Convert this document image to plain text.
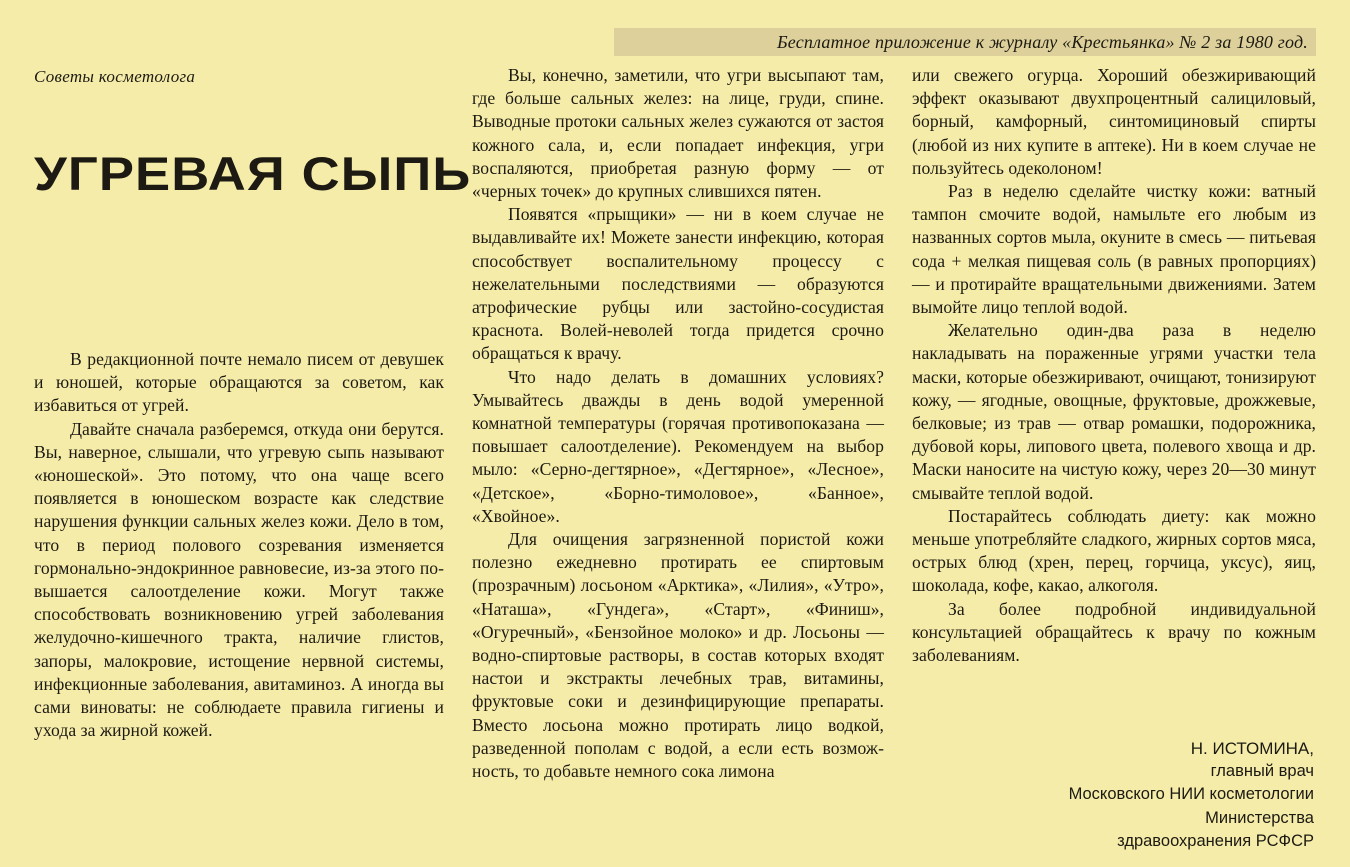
Бесплатное приложение к журналу «Крестьянка» № 2 за 1980 год.
Советы косметолога
УГРЕВАЯ СЫПЬ

В редакционной почте немало писем от девушек и юношей, которые обращаются за советом, как избавиться от угрей.

Давайте сначала разберемся, откуда они берутся. Вы, наверное, слышали, что угревую сыпь называют «юношеской». Это потому, что она чаще всего появляется в юношеском возрасте как следствие нарушения функции сальных желез кожи. Дело в том, что в период полового созревания изменяется гормонально-эндокринное равновесие, из-за этого повышается салоотделение кожи. Могут также способствовать возникновению угрей заболевания желудочно-кишечного тракта, наличие глистов, запоры, малокровие, истощение нервной системы, инфекционные заболевания, авитаминоз. А иногда вы сами виноваты: не соблюдаете правила гигиены и ухода за жирной кожей.

Вы, конечно, заметили, что угри высыпают там, где больше сальных желез: на лице, груди, спине. Выводные протоки сальных желез сужаются от застоя кожного сала, и, если попадает инфекция, угри воспаляются, приобретая разную форму — от «черных точек» до крупных слившихся пятен.

Появятся «прыщики» — ни в коем случае не выдавливайте их! Можете занести инфекцию, которая способствует воспалительному процессу с нежелательными последствиями — образуются атрофические рубцы или застойно-сосудистая краснота. Волей-неволей тогда придется срочно обращаться к врачу.

Что надо делать в домашних условиях? Умывайтесь дважды в день водой умеренной комнатной температуры (горячая противопоказана — повышает салоотделение). Рекомендуем на выбор мыло: «Серно-дегтярное», «Дегтярное», «Лесное», «Детское», «Борно-тимоловое», «Банное», «Хвойное».

Для очищения загрязненной пористой кожи полезно ежедневно протирать ее спиртовым (прозрачным) лосьоном «Арктика», «Лилия», «Утро», «Наташа», «Гундега», «Старт», «Финиш», «Огуречный», «Бензойное молоко» и др. Лосьоны — водно-спиртовые растворы, в состав которых входят настои и экстракты лечебных трав, витамины, фруктовые соки и дезинфицирующие препараты. Вместо лосьона можно протирать лицо водкой, разведенной пополам с водой, а если есть возможность, то добавьте немного сока лимона

или свежего огурца. Хороший обезжиривающий эффект оказывают двухпроцентный салициловый, борный, камфорный, синтомициновый спирты (любой из них купите в аптеке). Ни в коем случае не пользуйтесь одеколоном!

Раз в неделю сделайте чистку кожи: ватный тампон смочите водой, намыльте его любым из названных сортов мыла, окуните в смесь — питьевая сода + мелкая пищевая соль (в равных пропорциях) — и протирайте вращательными движениями. Затем вымойте лицо теплой водой.

Желательно один-два раза в неделю накладывать на пораженные угрями участки тела маски, которые обезжиривают, очищают, тонизируют кожу, — ягодные, овощные, фруктовые, дрожжевые, белковые; из трав — отвар ромашки, подорожника, дубовой коры, липового цвета, полевого хвоща и др. Маски наносите на чистую кожу, через 20—30 минут смывайте теплой водой.

Постарайтесь соблюдать диету: как можно меньше употребляйте сладкого, жирных сортов мяса, острых блюд (хрен, перец, горчица, уксус), яиц, шоколада, кофе, какао, алкоголя.

За более подробной индивидуальной консультацией обращайтесь к врачу по кожным заболеваниям.

Н. ИСТОМИНА,
главный врач
Московского НИИ косметологии
Министерства
здравоохранения РСФСР
